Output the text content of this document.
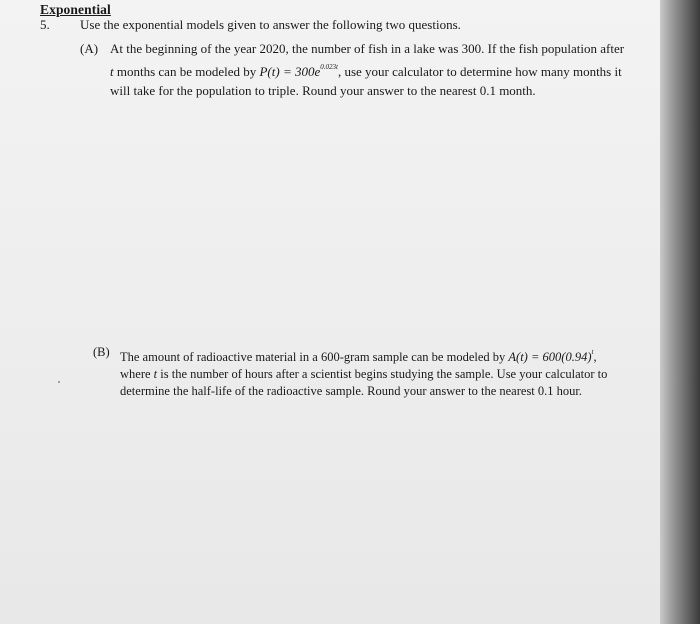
Exponential
5. Use the exponential models given to answer the following two questions.
(A) At the beginning of the year 2020, the number of fish in a lake was 300. If the fish population after
t months can be modeled by $P(t) = 300e^{0.023t}$, use your calculator to determine how many months it
will take for the population to triple. Round your answer to the nearest 0.1 month.
(B) The amount of radioactive material in a 600-gram sample can be modeled by $A(t) = 600(0.94)^t$,
where t is the number of hours after a scientist begins studying the sample. Use your calculator to
determine the half-life of the radioactive sample. Round your answer to the nearest 0.1 hour.
